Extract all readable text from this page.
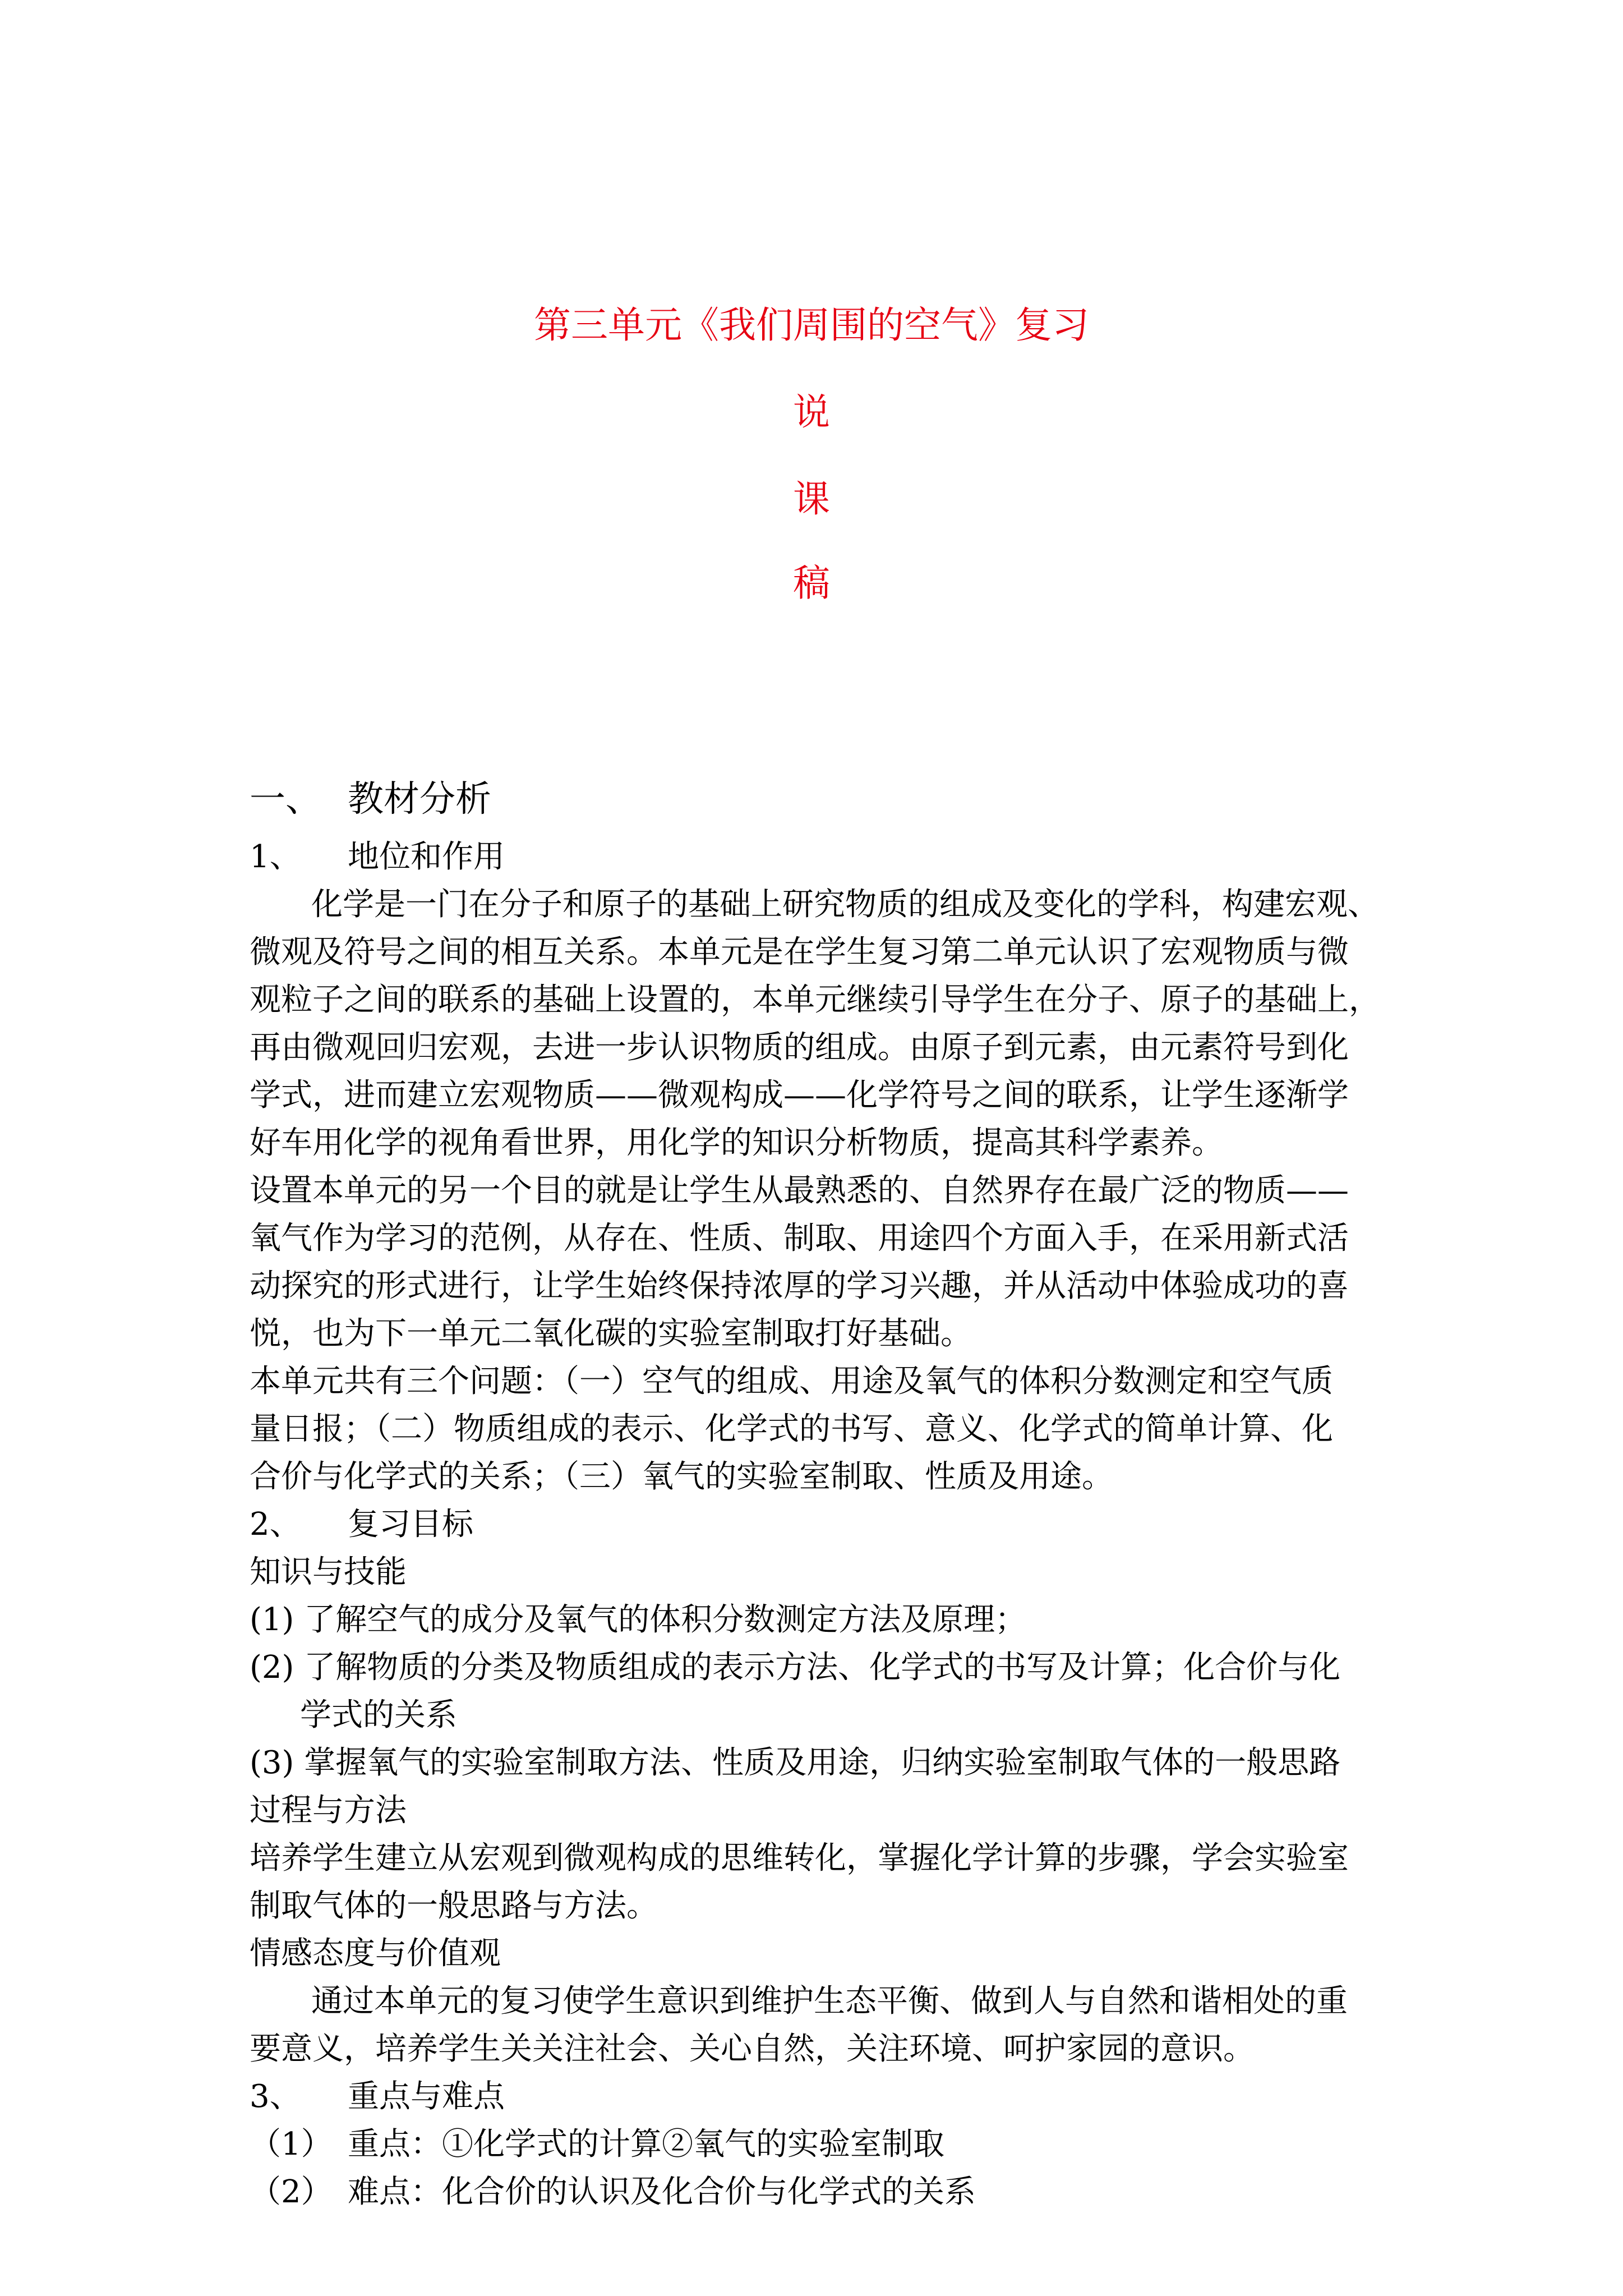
第三单元《我们周围的空气》复习
说
课
稿
一、 教材分析
1、 地位和作用
化学是一门在分子和原子的基础上研究物质的组成及变化的学科，构建宏观、
微观及符号之间的相互关系。本单元是在学生复习第二单元认识了宏观物质与微
观粒子之间的联系的基础上设置的，本单元继续引导学生在分子、原子的基础上，
再由微观回归宏观，去进一步认识物质的组成。由原子到元素，由元素符号到化
学式，进而建立宏观物质——微观构成——化学符号之间的联系，让学生逐渐学
好车用化学的视角看世界，用化学的知识分析物质，提高其科学素养。
设置本单元的另一个目的就是让学生从最熟悉的、自然界存在最广泛的物质——
氧气作为学习的范例，从存在、性质、制取、用途四个方面入手，在采用新式活
动探究的形式进行，让学生始终保持浓厚的学习兴趣，并从活动中体验成功的喜
悦，也为下一单元二氧化碳的实验室制取打好基础。
本单元共有三个问题：（一）空气的组成、用途及氧气的体积分数测定和空气质
量日报；（二）物质组成的表示、化学式的书写、意义、化学式的简单计算、化
合价与化学式的关系；（三）氧气的实验室制取、性质及用途。
2、 复习目标
知识与技能
(1) 了解空气的成分及氧气的体积分数测定方法及原理；
(2) 了解物质的分类及物质组成的表示方法、化学式的书写及计算；化合价与化
学式的关系
(3) 掌握氧气的实验室制取方法、性质及用途，归纳实验室制取气体的一般思路
过程与方法
培养学生建立从宏观到微观构成的思维转化，掌握化学计算的步骤，学会实验室
制取气体的一般思路与方法。
情感态度与价值观
通过本单元的复习使学生意识到维护生态平衡、做到人与自然和谐相处的重
要意义，培养学生关关注社会、关心自然，关注环境、呵护家园的意识。
3、 重点与难点
（1） 重点：①化学式的计算②氧气的实验室制取
（2） 难点：化合价的认识及化合价与化学式的关系
